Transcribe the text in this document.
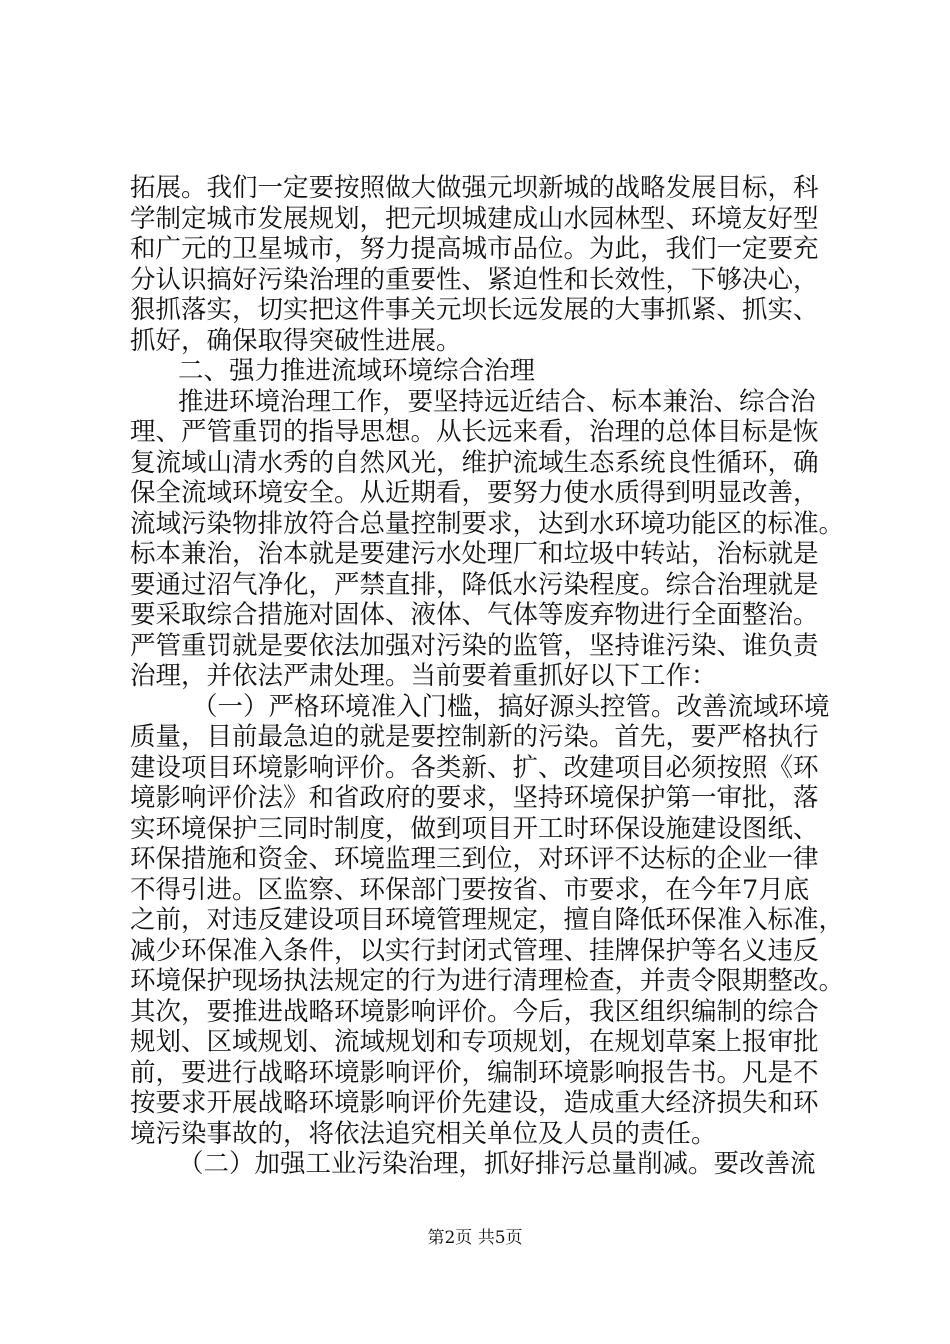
拓展。我们一定要按照做大做强元坝新城的战略发展目标，科
学制定城市发展规划，把元坝城建成山水园林型、环境友好型
和广元的卫星城市，努力提高城市品位。为此，我们一定要充
分认识搞好污染治理的重要性、紧迫性和长效性，下够决心，
狠抓落实，切实把这件事关元坝长远发展的大事抓紧、抓实、
抓好，确保取得突破性进展。
二、强力推进流域环境综合治理
推进环境治理工作，要坚持远近结合、标本兼治、综合治
理、严管重罚的指导思想。从长远来看，治理的总体目标是恢
复流域山清水秀的自然风光，维护流域生态系统良性循环，确
保全流域环境安全。从近期看，要努力使水质得到明显改善，
流域污染物排放符合总量控制要求，达到水环境功能区的标准。
标本兼治，治本就是要建污水处理厂和垃圾中转站，治标就是
要通过沼气净化，严禁直排，降低水污染程度。综合治理就是
要采取综合措施对固体、液体、气体等废弃物进行全面整治。
严管重罚就是要依法加强对污染的监管，坚持谁污染、谁负责
治理，并依法严肃处理。当前要着重抓好以下工作：
（一）严格环境准入门槛，搞好源头控管。改善流域环境
质量，目前最急迫的就是要控制新的污染。首先，要严格执行
建设项目环境影响评价。各类新、扩、改建项目必须按照《环
境影响评价法》和省政府的要求，坚持环境保护第一审批，落
实环境保护三同时制度，做到项目开工时环保设施建设图纸、
环保措施和资金、环境监理三到位，对环评不达标的企业一律
不得引进。区监察、环保部门要按省、市要求，在今年7月底
之前，对违反建设项目环境管理规定，擅自降低环保准入标准，
减少环保准入条件，以实行封闭式管理、挂牌保护等名义违反
环境保护现场执法规定的行为进行清理检查，并责令限期整改。
其次，要推进战略环境影响评价。今后，我区组织编制的综合
规划、区域规划、流域规划和专项规划，在规划草案上报审批
前，要进行战略环境影响评价，编制环境影响报告书。凡是不
按要求开展战略环境影响评价先建设，造成重大经济损失和环
境污染事故的，将依法追究相关单位及人员的责任。
（二）加强工业污染治理，抓好排污总量削减。要改善流
第2页 共5页
